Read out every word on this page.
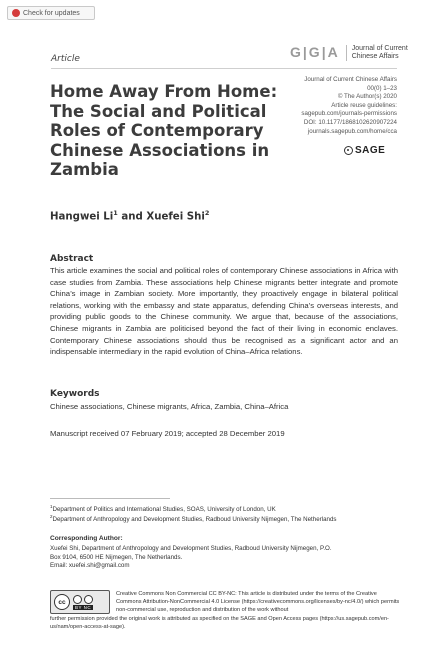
Check for updates
Article	G|G|A	Journal of Current Chinese Affairs
Journal of Current Chinese Affairs
00(0) 1–23
© The Author(s) 2020
Article reuse guidelines:
sagepub.com/journals-permissions
DOI: 10.1177/1868102620907224
journals.sagepub.com/home/cca
SAGE
Home Away From Home: The Social and Political Roles of Contemporary Chinese Associations in Zambia
Hangwei Li$^1$ and Xuefei Shi$^2$
Abstract

This article examines the social and political roles of contemporary Chinese associations in Africa with case studies from Zambia. These associations help Chinese migrants better integrate and promote China’s image in Zambian society. More importantly, they proactively engage in bilateral political relations, working with the embassy and state apparatus, defending China’s overseas interests, and providing public goods to the Chinese community. We argue that, because of the associations, Chinese migrants in Zambia are politicised beyond the fact of their living in economic enclaves. Contemporary Chinese associations should thus be recognised as a significant actor and an indispensable intermediary in the rapid evolution of China–Africa relations.

Keywords
Chinese associations, Chinese migrants, Africa, Zambia, China–Africa
Manuscript received 07 February 2019; accepted 28 December 2019
$^1$Department of Politics and International Studies, SOAS, University of London, UK
$^2$Department of Anthropology and Development Studies, Radboud University Nijmegen, The Netherlands
Corresponding Author:
Xuefei Shi, Department of Anthropology and Development Studies, Radboud University Nijmegen, P.O.
Box 9104, 6500 HE Nijmegen, The Netherlands.
Email: xuefei.shi@gmail.com
cc
BY NC
Creative Commons Non Commercial CC BY-NC: This article is distributed under the terms of the Creative Commons Attribution-NonCommercial 4.0 License (https://creativecommons.org/licenses/by-nc/4.0/) which permits non-commercial use, reproduction and distribution of the work without
further permission provided the original work is attributed as specified on the SAGE and Open Access pages (https://us.sagepub.com/en-us/nam/open-access-at-sage).
